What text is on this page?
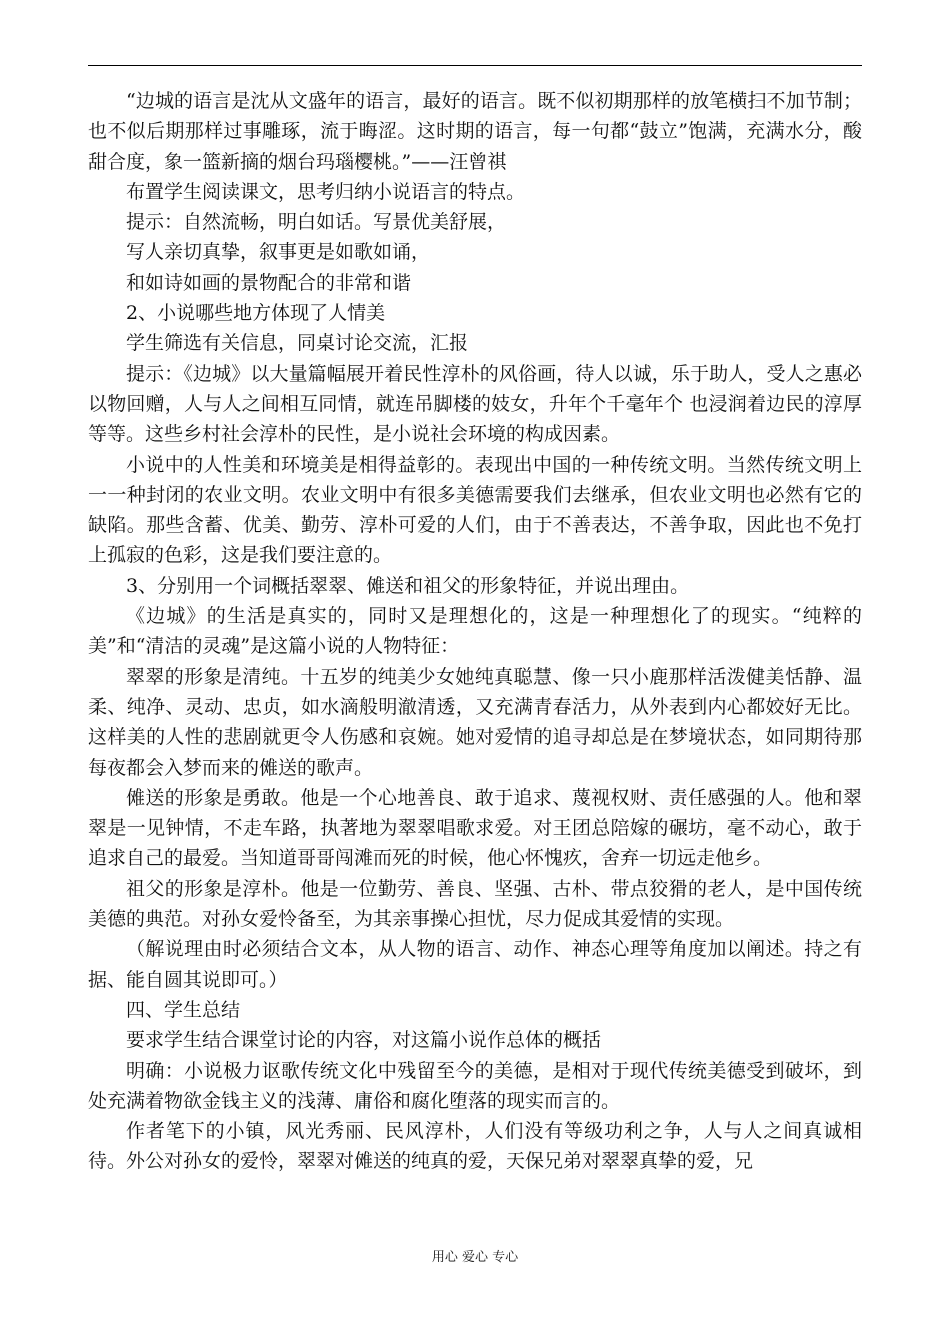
“边城的语言是沈从文盛年的语言，最好的语言。既不似初期那样的放笔横扫不加节制；也不似后期那样过事雕琢，流于晦涩。这时期的语言，每一句都“鼓立”饱满，充满水分，酸甜合度，象一篮新摘的烟台玛瑙樱桃。”——汪曾祺

布置学生阅读课文，思考归纳小说语言的特点。

提示：自然流畅，明白如话。写景优美舒展，

写人亲切真挚，叙事更是如歌如诵，

和如诗如画的景物配合的非常和谐

2、小说哪些地方体现了人情美

学生筛选有关信息，同桌讨论交流，汇报

提示：《边城》以大量篇幅展开着民性淳朴的风俗画，待人以诚，乐于助人，受人之惠必以物回赠，人与人之间相互同情，就连吊脚楼的妓女，升年个千毫年个 也浸润着边民的淳厚等等。这些乡村社会淳朴的民性，是小说社会环境的构成因素。

小说中的人性美和环境美是相得益彰的。表现出中国的一种传统文明。当然传统文明上一一种封闭的农业文明。农业文明中有很多美德需要我们去继承，但农业文明也必然有它的缺陷。那些含蓄、优美、勤劳、淳朴可爱的人们，由于不善表达，不善争取，因此也不免打上孤寂的色彩，这是我们要注意的。

3、分别用一个词概括翠翠、傩送和祖父的形象特征，并说出理由。

《边城》的生活是真实的，同时又是理想化的，这是一种理想化了的现实。“纯粹的美”和“清洁的灵魂”是这篇小说的人物特征：

翠翠的形象是清纯。十五岁的纯美少女她纯真聪慧、像一只小鹿那样活泼健美恬静、温柔、纯净、灵动、忠贞，如水滴般明澈清透，又充满青春活力，从外表到内心都姣好无比。这样美的人性的悲剧就更令人伤感和哀婉。她对爱情的追寻却总是在梦境状态，如同期待那每夜都会入梦而来的傩送的歌声。

傩送的形象是勇敢。他是一个心地善良、敢于追求、蔑视权财、责任感强的人。他和翠翠是一见钟情，不走车路，执著地为翠翠唱歌求爱。对王团总陪嫁的碾坊，毫不动心，敢于追求自己的最爱。当知道哥哥闯滩而死的时候，他心怀愧疚，舍弃一切远走他乡。

祖父的形象是淳朴。他是一位勤劳、善良、坚强、古朴、带点狡猾的老人，是中国传统美德的典范。对孙女爱怜备至，为其亲事操心担忧，尽力促成其爱情的实现。

（解说理由时必须结合文本，从人物的语言、动作、神态心理等角度加以阐述。持之有据、能自圆其说即可。）

四、学生总结

要求学生结合课堂讨论的内容，对这篇小说作总体的概括

明确：小说极力讴歌传统文化中残留至今的美德，是相对于现代传统美德受到破坏，到处充满着物欲金钱主义的浅薄、庸俗和腐化堕落的现实而言的。

作者笔下的小镇，风光秀丽、民风淳朴，人们没有等级功利之争，人与人之间真诚相待。外公对孙女的爱怜，翠翠对傩送的纯真的爱，天保兄弟对翠翠真挚的爱，兄

用心 爱心 专心
